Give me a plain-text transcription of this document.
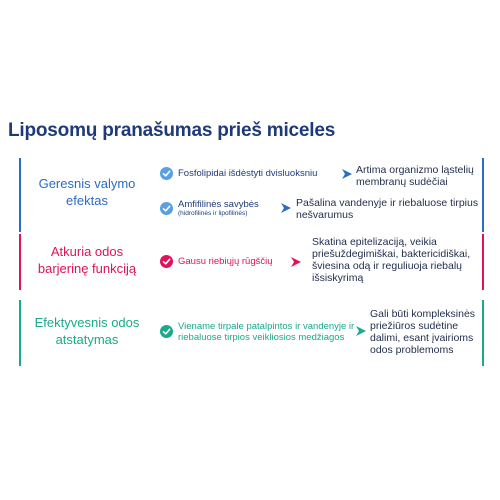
Liposomų pranašumas prieš miceles
Geresnis valymo efektas
Fosfolipidai išdėstyti dvisluoksniu	Artima organizmo ląstelių membranų sudėčiai
Amfifilinės savybės
(hidrofilinės ir lipofilinės)
Pašalina vandenyje ir riebaluose tirpius nešvarumus
Atkuria odos barjerinę funkciją	Gausu riebiųjų rūgščių
Skatina epitelizaciją, veikia priešuždegimiškai, baktericidiškai, šviesina odą ir reguliuoja riebalų išsiskyrimą
Efektyvesnis odos atstatymas
Viename tirpale patalpintos ir vandenyje ir riebaluose tirpios veikliosios medžiagos
Gali būti kompleksinės priežiūros sudėtine dalimi, esant įvairioms odos problemoms
